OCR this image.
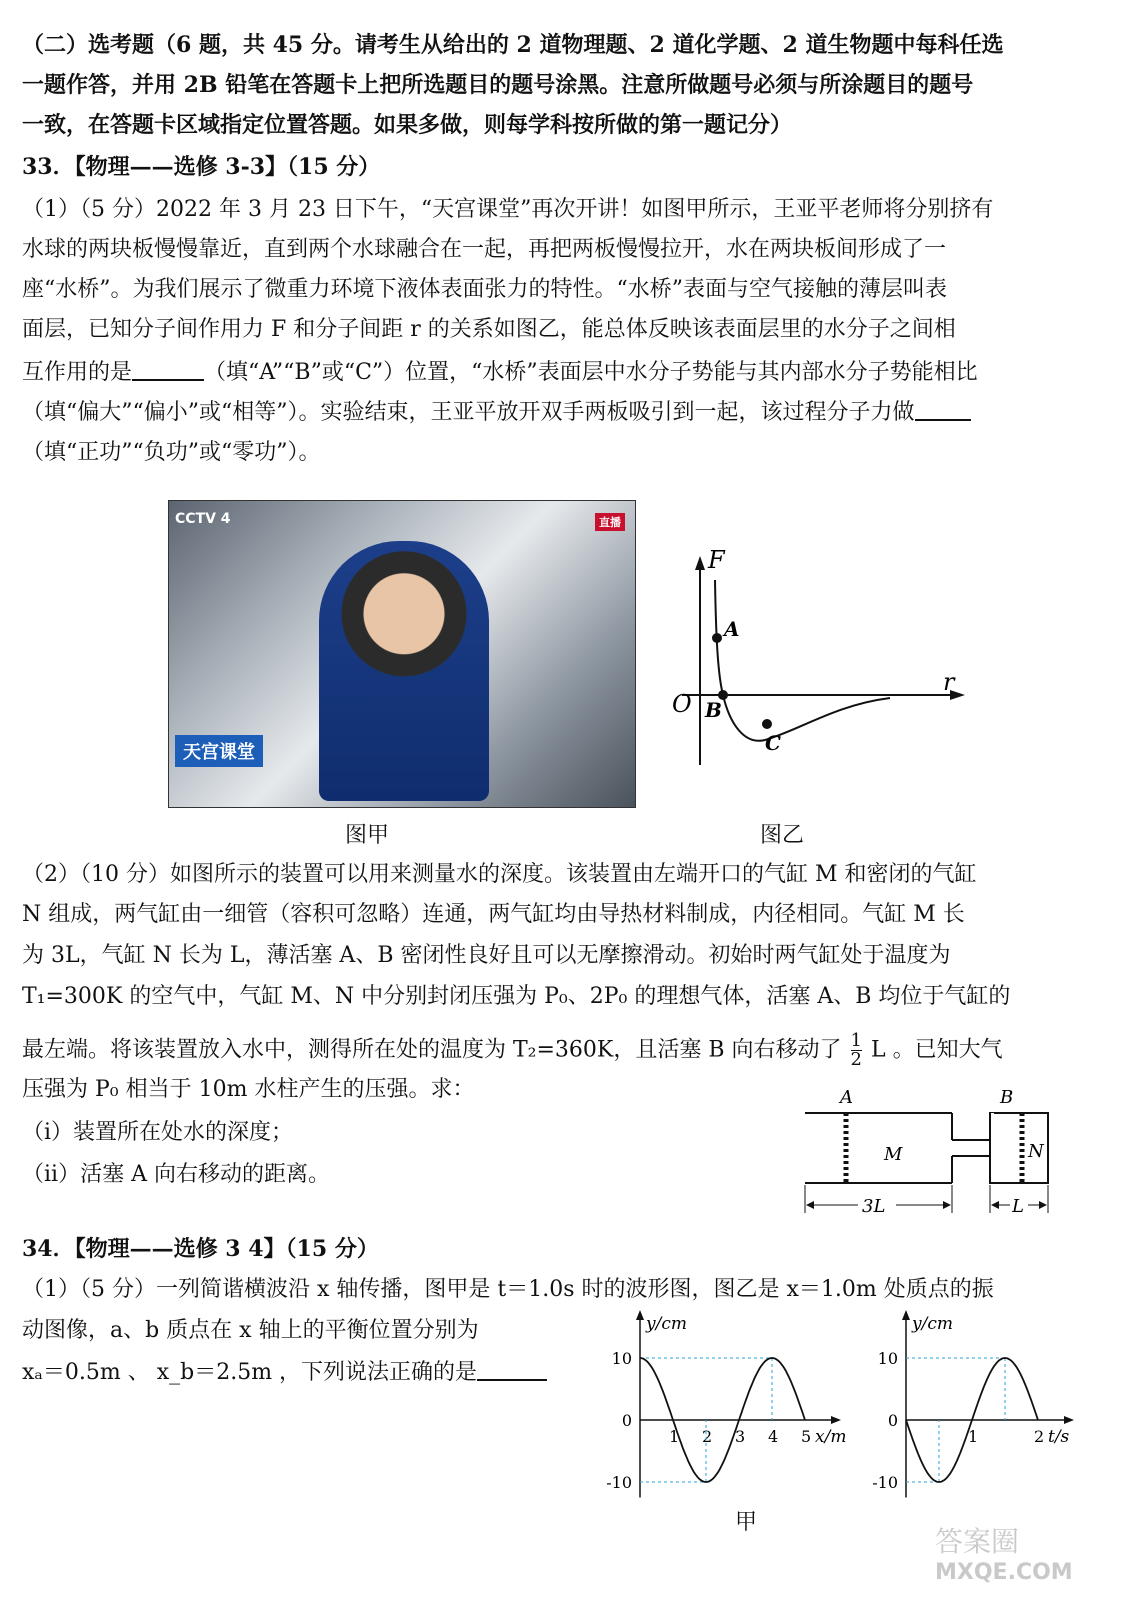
（二）选考题（6 题，共 45 分。请考生从给出的 2 道物理题、2 道化学题、2 道生物题中每科任选
一题作答，并用 2B 铅笔在答题卡上把所选题目的题号涂黑。注意所做题号必须与所涂题目的题号
一致，在答题卡区域指定位置答题。如果多做，则每学科按所做的第一题记分）
33．【物理——选修 3-3】（15 分）
（1）（5 分）2022 年 3 月 23 日下午，“天宫课堂”再次开讲！如图甲所示，王亚平老师将分别挤有
水球的两块板慢慢靠近，直到两个水球融合在一起，再把两板慢慢拉开，水在两块板间形成了一
座“水桥”。为我们展示了微重力环境下液体表面张力的特性。“水桥”表面与空气接触的薄层叫表
面层，已知分子间作用力 F 和分子间距 r 的关系如图乙，能总体反映该表面层里的水分子之间相
互作用的是	（填“A”“B”或“C”）位置，“水桥”表面层中水分子势能与其内部水分子势能相比
（填“偏大”“偏小”或“相等”）。实验结束，王亚平放开双手两板吸引到一起，该过程分子力做
（填“正功”“负功”或“零功”）。
CCTV 4	直播
天宫课堂
图甲
F
r
O
A
B
C
图乙
（2）（10 分）如图所示的装置可以用来测量水的深度。该装置由左端开口的气缸 M 和密闭的气缸
N 组成，两气缸由一细管（容积可忽略）连通，两气缸均由导热材料制成，内径相同。气缸 M 长
为 3L，气缸 N 长为 L，薄活塞 A、B 密闭性良好且可以无摩擦滑动。初始时两气缸处于温度为
T₁=300K 的空气中，气缸 M、N 中分别封闭压强为 P₀、2P₀ 的理想气体，活塞 A、B 均位于气缸的
最左端。将该装置放入水中，测得所在处的温度为 T₂=360K，且活塞 B 向右移动了 $\frac{1}{2}$ L 。已知大气
压强为 P₀ 相当于 10m 水柱产生的压强。求：
（i）装置所在处水的深度；
（ii）活塞 A 向右移动的距离。
A	B
M	N
3L	L
34．【物理——选修 3 4】（15 分）
（1）（5 分）一列简谐横波沿 x 轴传播，图甲是 t＝1.0s 时的波形图，图乙是 x＝1.0m 处质点的振
动图像，a、b 质点在 x 轴上的平衡位置分别为
xₐ＝0.5m 、 x_b＝2.5m ，下列说法正确的是
y/cm
x/m
10
0
-10
1 2 3 4 5
甲
y/cm
t/s
10
0
-10
1	2
答案圈
MXQE.COM
